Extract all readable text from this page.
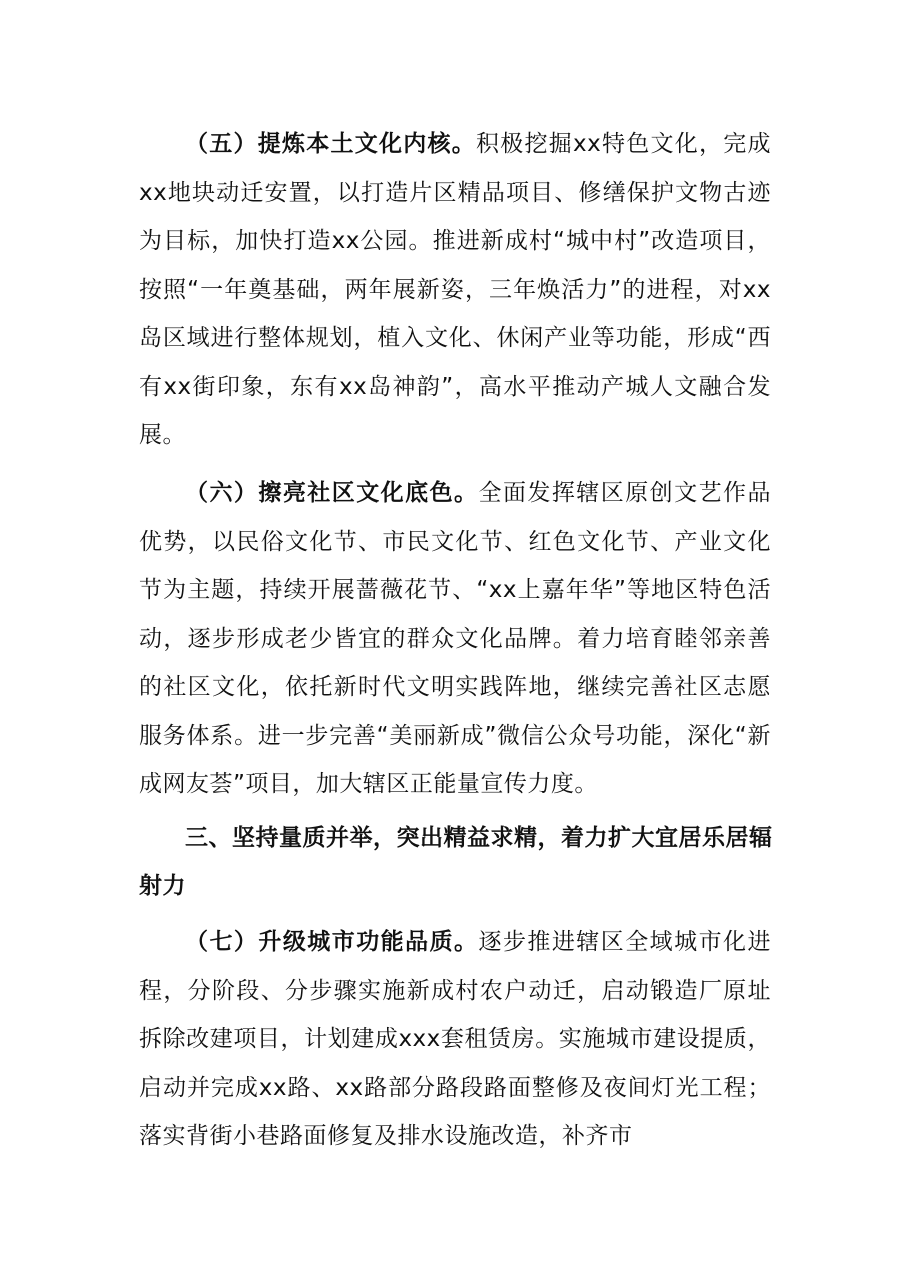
（五）提炼本土文化内核。积极挖掘xx特色文化，完成xx地块动迁安置，以打造片区精品项目、修缮保护文物古迹为目标，加快打造xx公园。推进新成村“城中村”改造项目，按照“一年奠基础，两年展新姿，三年焕活力”的进程，对xx岛区域进行整体规划，植入文化、休闲产业等功能，形成“西有xx街印象，东有xx岛神韵”，高水平推动产城人文融合发展。

（六）擦亮社区文化底色。全面发挥辖区原创文艺作品优势，以民俗文化节、市民文化节、红色文化节、产业文化节为主题，持续开展蔷薇花节、“xx上嘉年华”等地区特色活动，逐步形成老少皆宜的群众文化品牌。着力培育睦邻亲善的社区文化，依托新时代文明实践阵地，继续完善社区志愿服务体系。进一步完善“美丽新成”微信公众号功能，深化“新成网友荟”项目，加大辖区正能量宣传力度。

三、坚持量质并举，突出精益求精，着力扩大宜居乐居辐射力

（七）升级城市功能品质。逐步推进辖区全域城市化进程，分阶段、分步骤实施新成村农户动迁，启动锻造厂原址拆除改建项目，计划建成xxx套租赁房。实施城市建设提质，启动并完成xx路、xx路部分路段路面整修及夜间灯光工程；落实背街小巷路面修复及排水设施改造，补齐市
